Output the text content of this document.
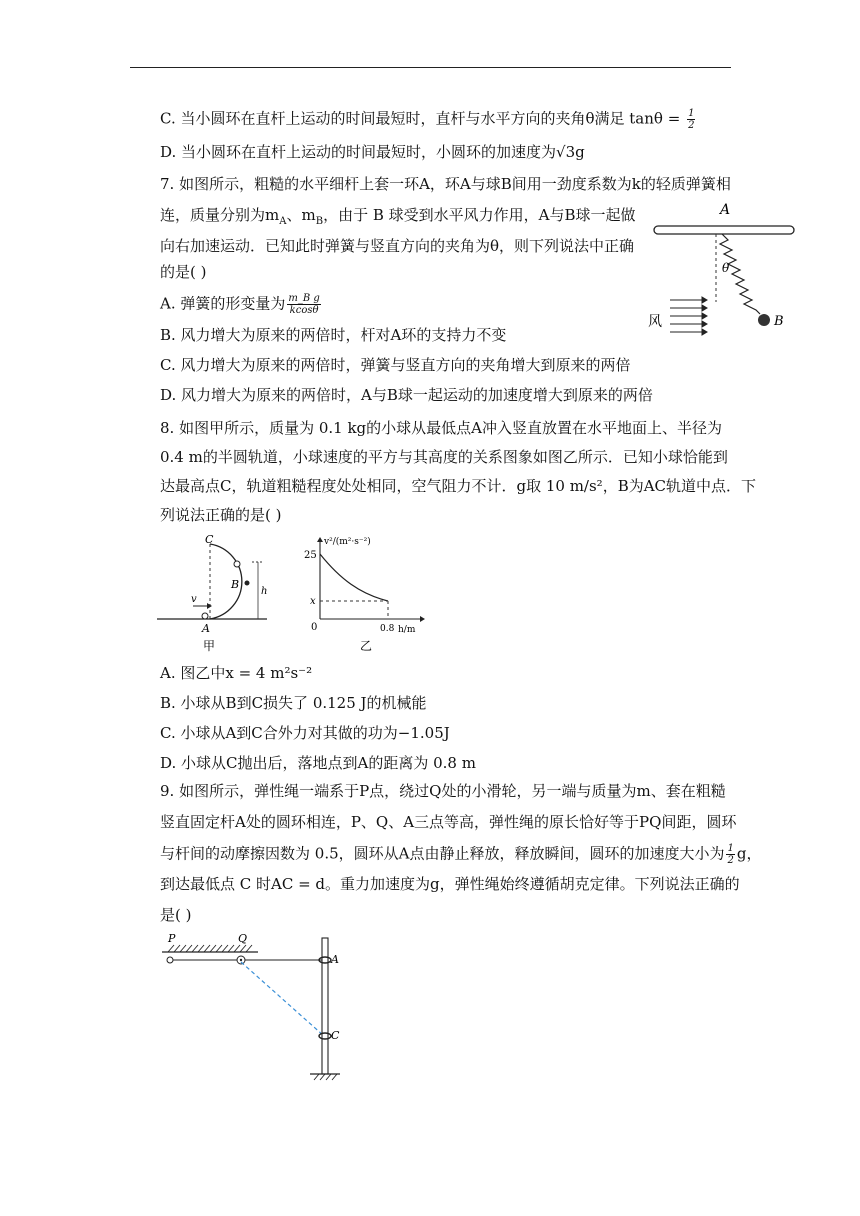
C. 当小圆环在直杆上运动的时间最短时，直杆与水平方向的夹角θ满足 $\tan\theta = \frac{1}{2}$
D. 当小圆环在直杆上运动的时间最短时，小圆环的加速度为√3g
7. 如图所示，粗糙的水平细杆上套一环A，环A与球B间用一劲度系数为k的轻质弹簧相
连，质量分别为$m_A$、$m_B$，由于 B 球受到水平风力作用，A与B球一起做
向右加速运动．已知此时弹簧与竖直方向的夹角为θ，则下列说法中正确
的是( )
A. 弹簧的形变量为 $\frac{\text{m\_B g}}{kcos\theta}$
B. 风力增大为原来的两倍时，杆对A环的支持力不变
C. 风力增大为原来的两倍时，弹簧与竖直方向的夹角增大到原来的两倍
D. 风力增大为原来的两倍时，A与B球一起运动的加速度增大到原来的两倍
A
B
θ
风
8. 如图甲所示，质量为 0.1 kg的小球从最低点A冲入竖直放置在水平地面上、半径为
0.4 m的半圆轨道，小球速度的平方与其高度的关系图象如图乙所示．已知小球恰能到
达最高点C，轨道粗糙程度处处相同，空气阻力不计．g取 10 m/s²，B为AC轨道中点．下
列说法正确的是( )
C
B
A
h
v
甲
v²/(m²·s⁻²)
25
x
0	0.8 h/m
乙
A. 图乙中x = 4 m²s⁻²
B. 小球从B到C损失了 0.125 J的机械能
C. 小球从A到C合外力对其做的功为−1.05J
D. 小球从C抛出后，落地点到A的距离为 0.8 m
9. 如图所示，弹性绳一端系于P点，绕过Q处的小滑轮，另一端与质量为m、套在粗糙
竖直固定杆A处的圆环相连，P、Q、A三点等高，弹性绳的原长恰好等于PQ间距，圆环
与杆间的动摩擦因数为 0.5，圆环从A点由静止释放，释放瞬间，圆环的加速度大小为 $\frac{1}{2}$ g，
到达最低点 C 时AC = d。重力加速度为g，弹性绳始终遵循胡克定律。下列说法正确的
是( )
P	Q
A
C
